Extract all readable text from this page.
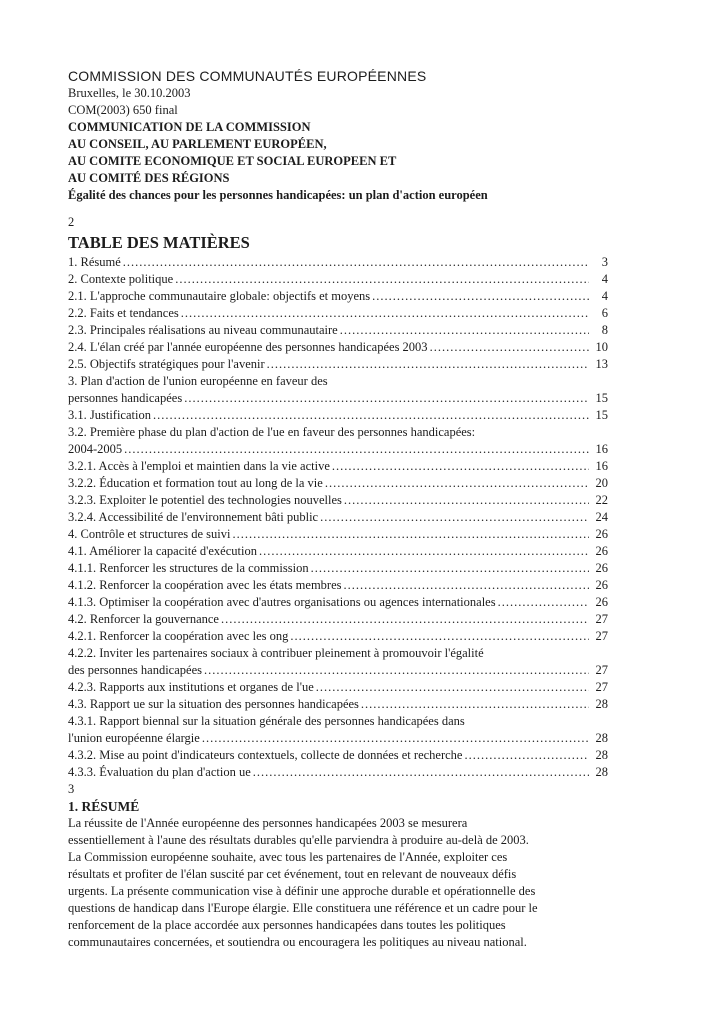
COMMISSION DES COMMUNAUTÉS EUROPÉENNES
Bruxelles, le 30.10.2003
COM(2003) 650 final
COMMUNICATION DE LA COMMISSION
AU CONSEIL, AU PARLEMENT EUROPÉEN,
AU COMITE ECONOMIQUE ET SOCIAL EUROPEEN ET
AU COMITÉ DES RÉGIONS
Égalité des chances pour les personnes handicapées: un plan d'action européen
2
TABLE DES MATIÈRES
1. Résumé .....	3
2. Contexte politique .....	4
2.1. L'approche communautaire globale: objectifs et moyens .....	4
2.2. Faits et tendances .....	6
2.3. Principales réalisations au niveau communautaire .....	8
2.4. L'élan créé par l'année européenne des personnes handicapées 2003 .....	10
2.5. Objectifs stratégiques pour l'avenir .....	13
3. Plan d'action de l'union européenne en faveur des
personnes handicapées .....	15
3.1. Justification .....	15
3.2. Première phase du plan d'action de l'ue en faveur des personnes handicapées:
2004-2005 .....	16
3.2.1. Accès à l'emploi et maintien dans la vie active .....	16
3.2.2. Éducation et formation tout au long de la vie .....	20
3.2.3. Exploiter le potentiel des technologies nouvelles .....	22
3.2.4. Accessibilité de l'environnement bâti public .....	24
4. Contrôle et structures de suivi .....	26
4.1. Améliorer la capacité d'exécution .....	26
4.1.1. Renforcer les structures de la commission .....	26
4.1.2. Renforcer la coopération avec les états membres .....	26
4.1.3. Optimiser la coopération avec d'autres organisations ou agences internationales .....	26
4.2. Renforcer la gouvernance .....	27
4.2.1. Renforcer la coopération avec les ong .....	27
4.2.2. Inviter les partenaires sociaux à contribuer pleinement à promouvoir l'égalité
des personnes handicapées .....	27
4.2.3. Rapports aux institutions et organes de l'ue .....	27
4.3. Rapport ue sur la situation des personnes handicapées .....	28
4.3.1. Rapport biennal sur la situation générale des personnes handicapées dans
l'union européenne élargie .....	28
4.3.2. Mise au point d'indicateurs contextuels, collecte de données et recherche .....	28
4.3.3. Évaluation du plan d'action ue .....	28
3
1. RÉSUMÉ
La réussite de l'Année européenne des personnes handicapées 2003 se mesurera
essentiellement à l'aune des résultats durables qu'elle parviendra à produire au-delà de 2003.
La Commission européenne souhaite, avec tous les partenaires de l'Année, exploiter ces
résultats et profiter de l'élan suscité par cet événement, tout en relevant de nouveaux défis
urgents. La présente communication vise à définir une approche durable et opérationnelle des
questions de handicap dans l'Europe élargie. Elle constituera une référence et un cadre pour le
renforcement de la place accordée aux personnes handicapées dans toutes les politiques
communautaires concernées, et soutiendra ou encouragera les politiques au niveau national.
